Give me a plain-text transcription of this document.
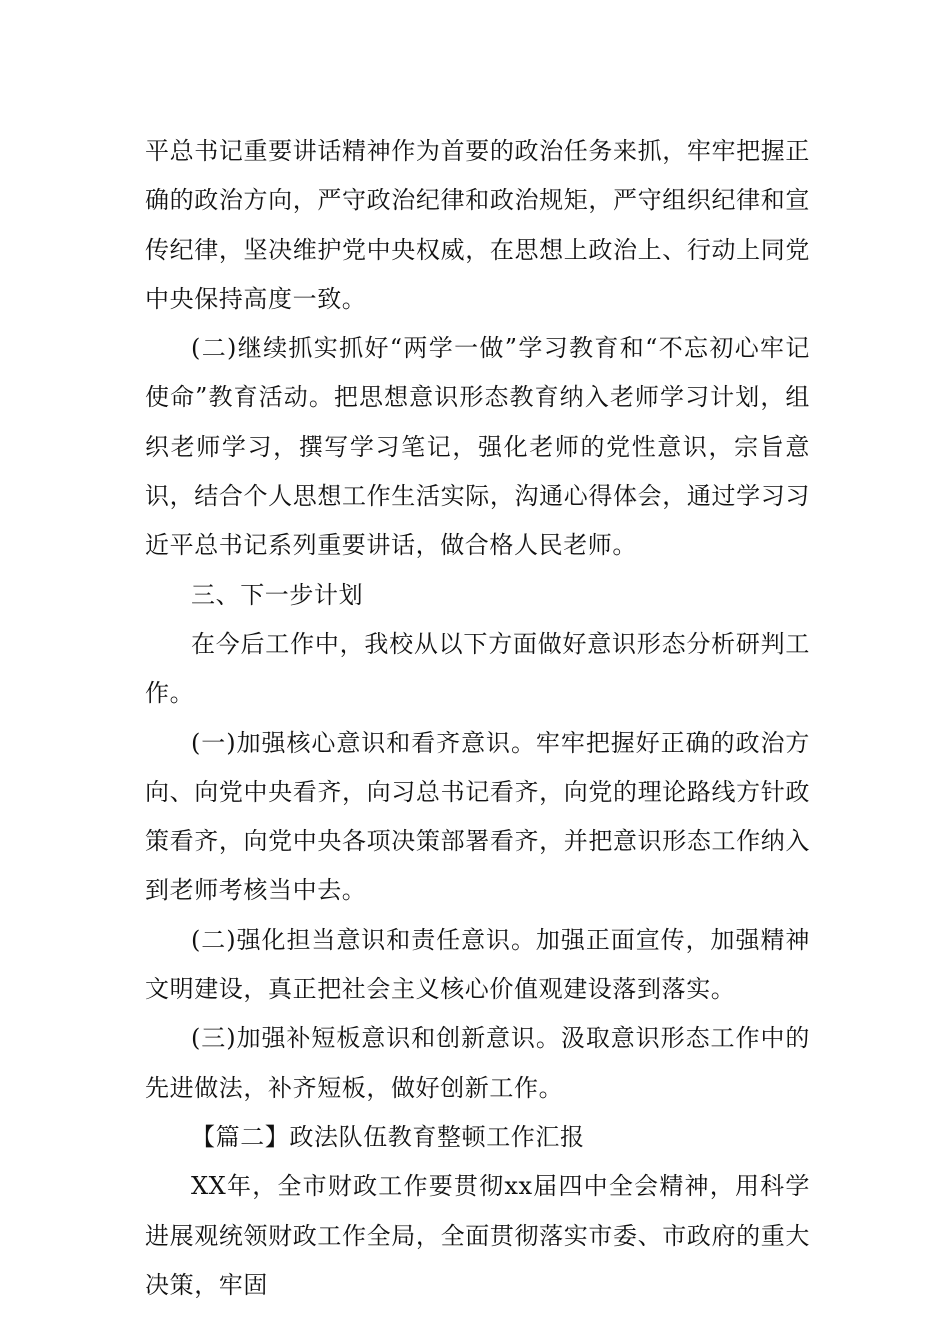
平总书记重要讲话精神作为首要的政治任务来抓，牢牢把握正确的政治方向，严守政治纪律和政治规矩，严守组织纪律和宣传纪律，坚决维护党中央权威，在思想上政治上、行动上同党中央保持高度一致。

(二)继续抓实抓好“两学一做”学习教育和“不忘初心牢记使命”教育活动。把思想意识形态教育纳入老师学习计划，组织老师学习，撰写学习笔记，强化老师的党性意识，宗旨意识，结合个人思想工作生活实际，沟通心得体会，通过学习习近平总书记系列重要讲话，做合格人民老师。

三、下一步计划

在今后工作中，我校从以下方面做好意识形态分析研判工作。

(一)加强核心意识和看齐意识。牢牢把握好正确的政治方向、向党中央看齐，向习总书记看齐，向党的理论路线方针政策看齐，向党中央各项决策部署看齐，并把意识形态工作纳入到老师考核当中去。

(二)强化担当意识和责任意识。加强正面宣传，加强精神文明建设，真正把社会主义核心价值观建设落到落实。

(三)加强补短板意识和创新意识。汲取意识形态工作中的先进做法，补齐短板，做好创新工作。

【篇二】政法队伍教育整顿工作汇报

XX年，全市财政工作要贯彻xx届四中全会精神，用科学进展观统领财政工作全局，全面贯彻落实市委、市政府的重大决策，牢固
